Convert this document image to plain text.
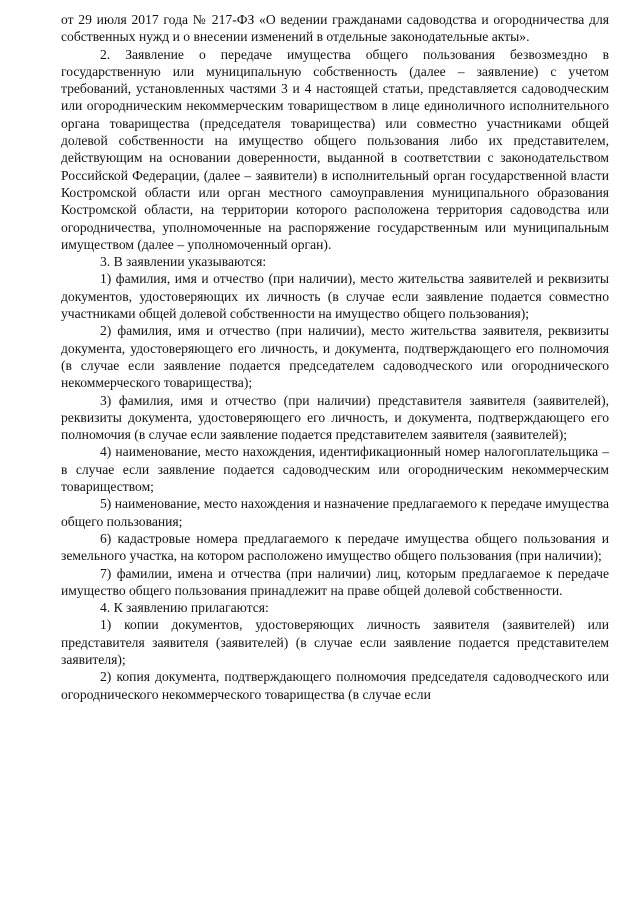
от 29 июля 2017 года № 217-ФЗ «О ведении гражданами садоводства и огородничества для собственных нужд и о внесении изменений в отдельные законодательные акты».

2. Заявление о передаче имущества общего пользования безвозмездно в государственную или муниципальную собственность (далее – заявление) с учетом требований, установленных частями 3 и 4 настоящей статьи, представляется садоводческим или огородническим некоммерческим товариществом в лице единоличного исполнительного органа товарищества (председателя товарищества) или совместно участниками общей долевой собственности на имущество общего пользования либо их представителем, действующим на основании доверенности, выданной в соответствии с законодательством Российской Федерации, (далее – заявители) в исполнительный орган государственной власти Костромской области или орган местного самоуправления муниципального образования Костромской области, на территории которого расположена территория садоводства или огородничества, уполномоченные на распоряжение государственным или муниципальным имуществом (далее – уполномоченный орган).

3. В заявлении указываются:

1) фамилия, имя и отчество (при наличии), место жительства заявителей и реквизиты документов, удостоверяющих их личность (в случае если заявление подается совместно участниками общей долевой собственности на имущество общего пользования);

2) фамилия, имя и отчество (при наличии), место жительства заявителя, реквизиты документа, удостоверяющего его личность, и документа, подтверждающего его полномочия (в случае если заявление подается председателем садоводческого или огороднического некоммерческого товарищества);

3) фамилия, имя и отчество (при наличии) представителя заявителя (заявителей), реквизиты документа, удостоверяющего его личность, и документа, подтверждающего его полномочия (в случае если заявление подается представителем заявителя (заявителей);

4) наименование, место нахождения, идентификационный номер налогоплательщика – в случае если заявление подается садоводческим или огородническим некоммерческим товариществом;

5) наименование, место нахождения и назначение предлагаемого к передаче имущества общего пользования;

6) кадастровые номера предлагаемого к передаче имущества общего пользования и земельного участка, на котором расположено имущество общего пользования (при наличии);

7) фамилии, имена и отчества (при наличии) лиц, которым предлагаемое к передаче имущество общего пользования принадлежит на праве общей долевой собственности.

4. К заявлению прилагаются:

1) копии документов, удостоверяющих личность заявителя (заявителей) или представителя заявителя (заявителей) (в случае если заявление подается представителем заявителя);

2) копия документа, подтверждающего полномочия председателя садоводческого или огороднического некоммерческого товарищества (в случае если
